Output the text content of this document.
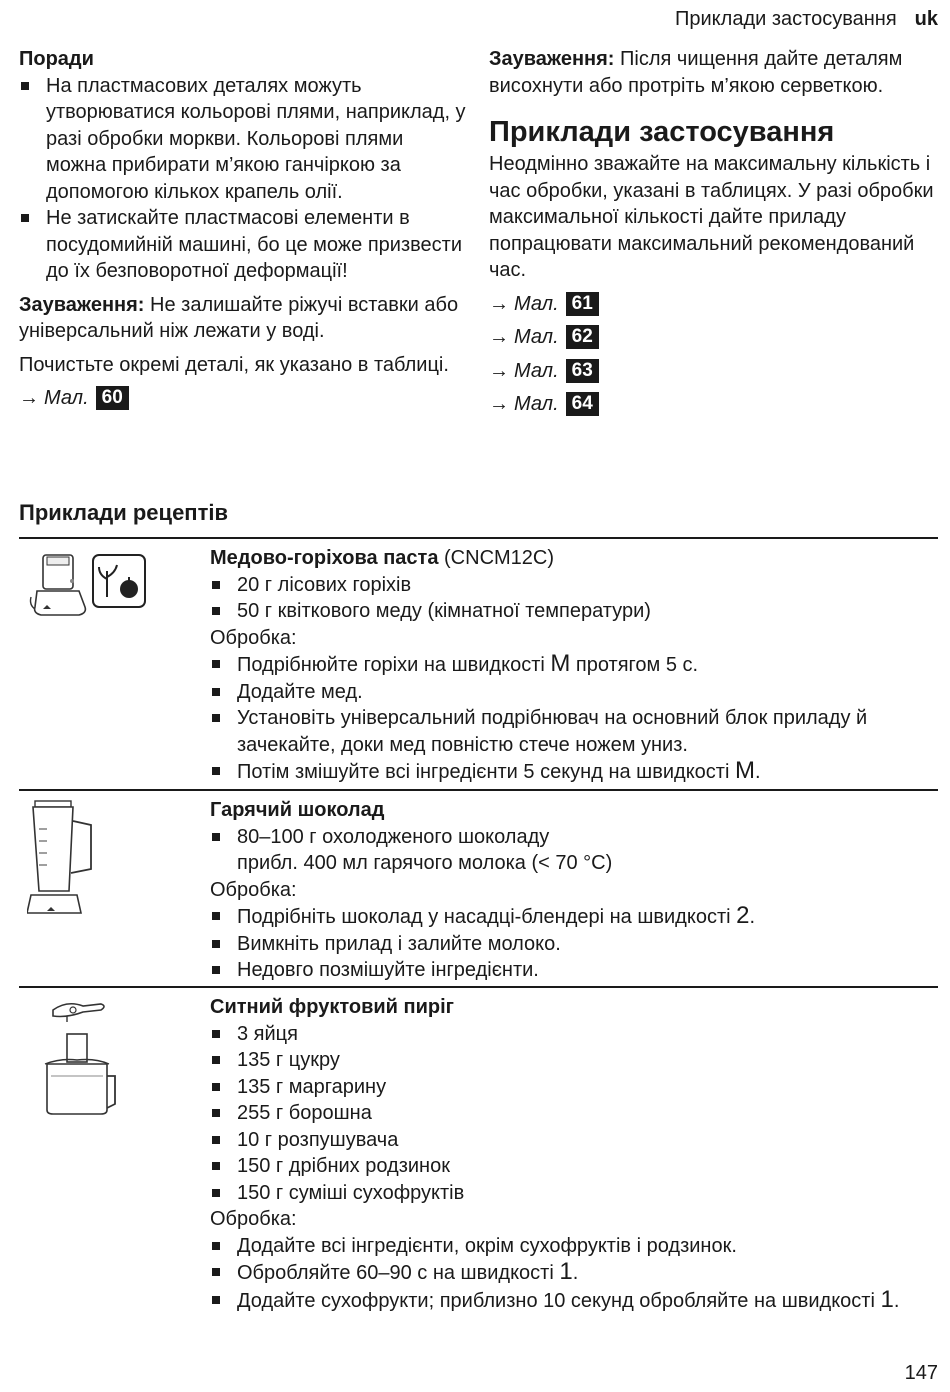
Приклади застосування uk
Поради
На пластмасових деталях можуть утворюватися кольорові плями, наприклад, у разі обробки моркви. Кольорові плями можна прибирати м’якою ганчіркою за допомогою кількох крапель олії.
Не затискайте пластмасові елементи в посудомийній машині, бо це може призвести до їх безповоротної деформації!

Зауваження: Не залишайте ріжучі вставки або універсальний ніж лежати у воді.

Почистьте окремі деталі, як указано в таблиці.

→ Мал. 60
Зауваження: Після чищення дайте деталям висохнути або протріть м’якою серветкою.
Приклади застосування
Неодмінно зважайте на максимальну кількість і час обробки, указані в таблицях. У разі обробки максимальної кількості дайте приладу попрацювати максимальний рекомендований час.
→ Мал. 61
→ Мал. 62
→ Мал. 63
→ Мал. 64
Приклади рецептів
Медово-горіхова паста (CNCM12C)
20 г лісових горіхів
50 г квіткового меду (кімнатної температури)
Обробка:
Подрібнюйте горіхи на швидкості M протягом 5 с.
Додайте мед.
Установіть універсальний подрібнювач на основний блок приладу й зачекайте, доки мед повністю стече ножем униз.
Потім змішуйте всі інгредієнти 5 секунд на швидкості M.
Гарячий шоколад
80–100 г охолодженого шоколаду
прибл. 400 мл гарячого молока (< 70 °C)
Обробка:
Подрібніть шоколад у насадці-блендері на швидкості 2.
Вимкніть прилад і залийте молоко.
Недовго позмішуйте інгредієнти.
Ситний фруктовий пиріг
3 яйця
135 г цукру
135 г маргарину
255 г борошна
10 г розпушувача
150 г дрібних родзинок
150 г суміші сухофруктів
Обробка:
Додайте всі інгредієнти, окрім сухофруктів і родзинок.
Обробляйте 60–90 с на швидкості 1.
Додайте сухофрукти; приблизно 10 секунд обробляйте на швидкості 1.
147
